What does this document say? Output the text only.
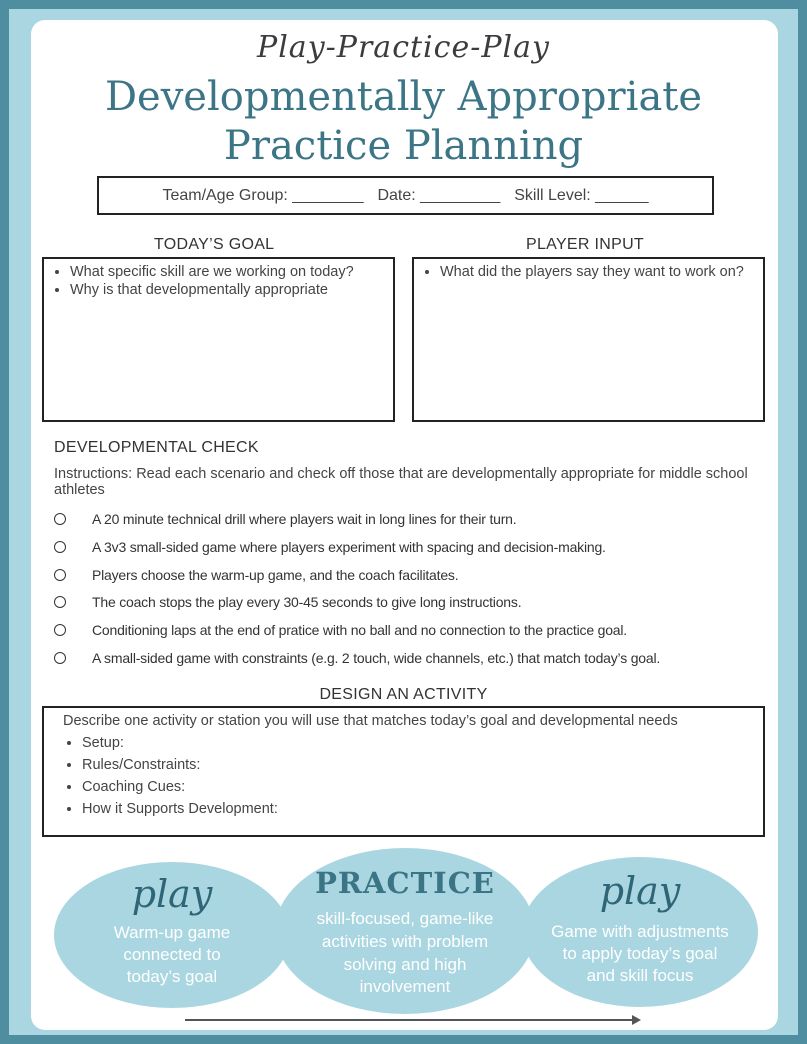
Play-Practice-Play
Developmentally Appropriate
Practice Planning
Team/Age Group: ________ Date: _________ Skill Level: ______
TODAY’S GOAL	PLAYER INPUT
• What specific skill are we working on today?
• Why is that developmentally appropriate
• What did the players say they want to work on?
DEVELOPMENTAL CHECK
Instructions: Read each scenario and check off those that are developmentally appropriate for middle school athletes
A 20 minute technical drill where players wait in long lines for their turn.
A 3v3 small-sided game where players experiment with spacing and decision-making.
Players choose the warm-up game, and the coach facilitates.
The coach stops the play every 30-45 seconds to give long instructions.
Conditioning laps at the end of pratice with no ball and no connection to the practice goal.
A small-sided game with constraints (e.g. 2 touch, wide channels, etc.) that match today’s goal.
DESIGN AN ACTIVITY
Describe one activity or station you will use that matches today’s goal and developmental needs
• Setup:
• Rules/Constraints:
• Coaching Cues:
• How it Supports Development:
play
Warm-up game
connected to
today’s goal
play
Game with adjustments
to apply today’s goal
and skill focus
PRACTICE
skill-focused, game-like
activities with problem
solving and high
involvement
